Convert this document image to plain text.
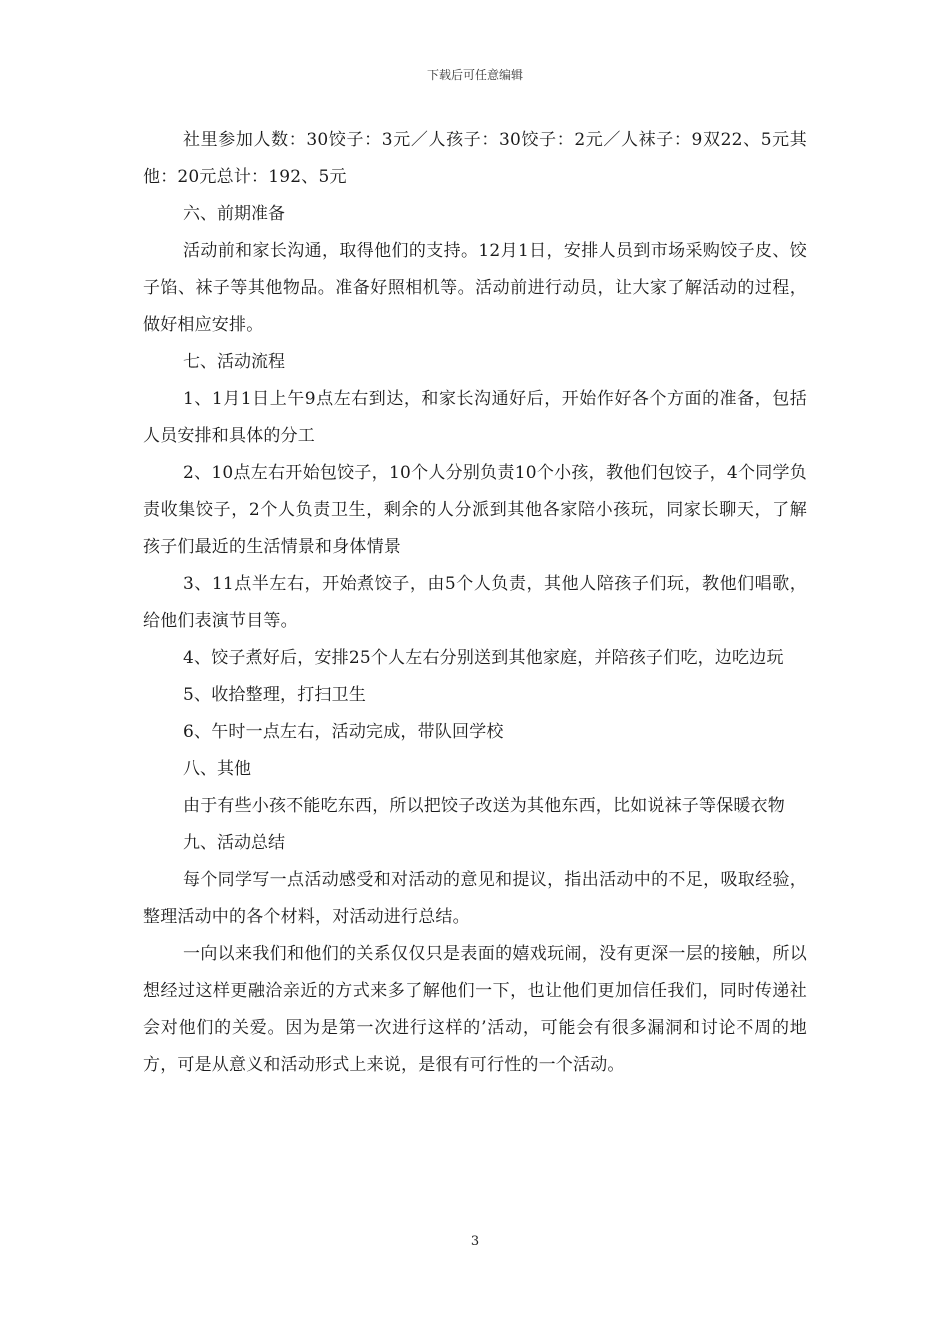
下载后可任意编辑

社里参加人数：30饺子：3元／人孩子：30饺子：2元／人袜子：9双22、5元其他：20元总计：192、5元

六、前期准备

活动前和家长沟通，取得他们的支持。12月1日，安排人员到市场采购饺子皮、饺子馅、袜子等其他物品。准备好照相机等。活动前进行动员，让大家了解活动的过程，做好相应安排。

七、活动流程

1、1月1日上午9点左右到达，和家长沟通好后，开始作好各个方面的准备，包括人员安排和具体的分工

2、10点左右开始包饺子，10个人分别负责10个小孩，教他们包饺子，4个同学负责收集饺子，2个人负责卫生，剩余的人分派到其他各家陪小孩玩，同家长聊天，了解孩子们最近的生活情景和身体情景

3、11点半左右，开始煮饺子，由5个人负责，其他人陪孩子们玩，教他们唱歌，给他们表演节目等。

4、饺子煮好后，安排25个人左右分别送到其他家庭，并陪孩子们吃，边吃边玩

5、收拾整理，打扫卫生

6、午时一点左右，活动完成，带队回学校

八、其他

由于有些小孩不能吃东西，所以把饺子改送为其他东西，比如说袜子等保暖衣物

九、活动总结

每个同学写一点活动感受和对活动的意见和提议，指出活动中的不足，吸取经验，整理活动中的各个材料，对活动进行总结。

一向以来我们和他们的关系仅仅只是表面的嬉戏玩闹，没有更深一层的接触，所以想经过这样更融洽亲近的方式来多了解他们一下，也让他们更加信任我们，同时传递社会对他们的关爱。因为是第一次进行这样的’活动，可能会有很多漏洞和讨论不周的地方，可是从意义和活动形式上来说，是很有可行性的一个活动。

3
